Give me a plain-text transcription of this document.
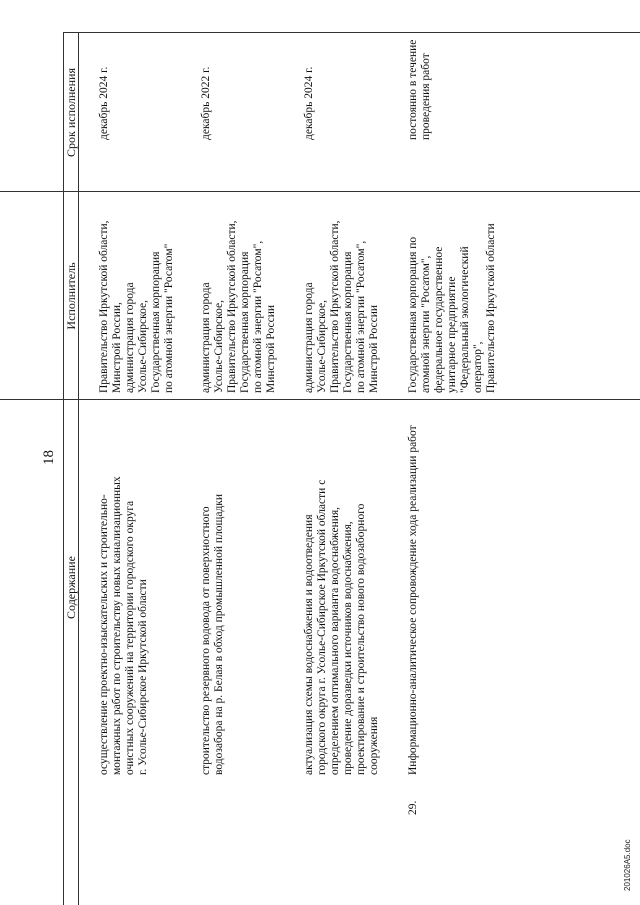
18
Содержание
Исполнитель
Срок исполнения
осуществление проектно-изыскательских и строительно-
монтажных работ по строительству новых канализационных
очистных сооружений на территории городского округа
г. Усолье-Сибирское Иркутской области
Правительство Иркутской области,
Минстрой России,
администрация города
Усолье-Сибирское,
Государственная корпорация
по атомной энергии "Росатом"
декабрь 2024 г.
строительство резервного водовода от поверхностного
водозабора на р. Белая в обход промышленной площадки
администрация города
Усолье-Сибирское,
Правительство Иркутской области,
Государственная корпорация
по атомной энергии "Росатом",
Минстрой России
декабрь 2022 г.
актуализация схемы водоснабжения и водоотведения
городского округа г. Усолье-Сибирское Иркутской области с
определением оптимального варианта водоснабжения,
проведение доразведки источников водоснабжения,
проектирование и строительство нового водозаборного
сооружения
администрация города
Усолье-Сибирское,
Правительство Иркутской области,
Государственная корпорация
по атомной энергии "Росатом",
Минстрой России
декабрь 2024 г.
29.
Информационно-аналитическое сопровождение хода реализации работ
Государственная корпорация по
атомной энергии "Росатом",
федеральное государственное
унитарное предприятие
"Федеральный экологический
оператор",
Правительство Иркутской области
постоянно в течение
проведения работ
201026A5.doc
